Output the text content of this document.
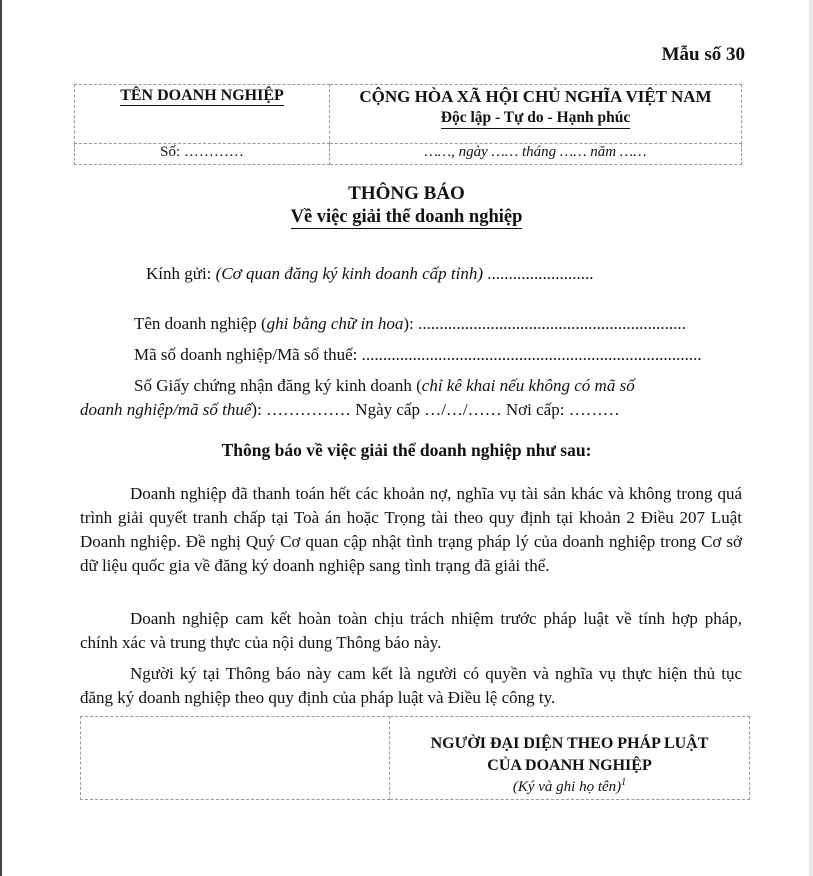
Mẫu số 30
TÊN DOANH NGHIỆP	CỘNG HÒA XÃ HỘI CHỦ NGHĨA VIỆT NAM
Độc lập - Tự do - Hạnh phúc
Số: …………	……, ngày …… tháng …… năm ……
THÔNG BÁO
Về việc giải thể doanh nghiệp
Kính gửi: (Cơ quan đăng ký kinh doanh cấp tỉnh) .........................
Tên doanh nghiệp (ghi bằng chữ in hoa): ...............................................................
Mã số doanh nghiệp/Mã số thuế: ................................................................................
Số Giấy chứng nhận đăng ký kinh doanh (chỉ kê khai nếu không có mã số
doanh nghiệp/mã số thuế): …………… Ngày cấp …/…/…… Nơi cấp: ………
Thông báo về việc giải thể doanh nghiệp như sau:
Doanh nghiệp đã thanh toán hết các khoản nợ, nghĩa vụ tài sản khác và không trong quá trình giải quyết tranh chấp tại Toà án hoặc Trọng tài theo quy định tại khoản 2 Điều 207 Luật Doanh nghiệp. Đề nghị Quý Cơ quan cập nhật tình trạng pháp lý của doanh nghiệp trong Cơ sở dữ liệu quốc gia về đăng ký doanh nghiệp sang tình trạng đã giải thể.
Doanh nghiệp cam kết hoàn toàn chịu trách nhiệm trước pháp luật về tính hợp pháp, chính xác và trung thực của nội dung Thông báo này.
Người ký tại Thông báo này cam kết là người có quyền và nghĩa vụ thực hiện thủ tục đăng ký doanh nghiệp theo quy định của pháp luật và Điều lệ công ty.

NGƯỜI ĐẠI DIỆN THEO PHÁP LUẬT
CỦA DOANH NGHIỆP
(Ký và ghi họ tên)$^1$
